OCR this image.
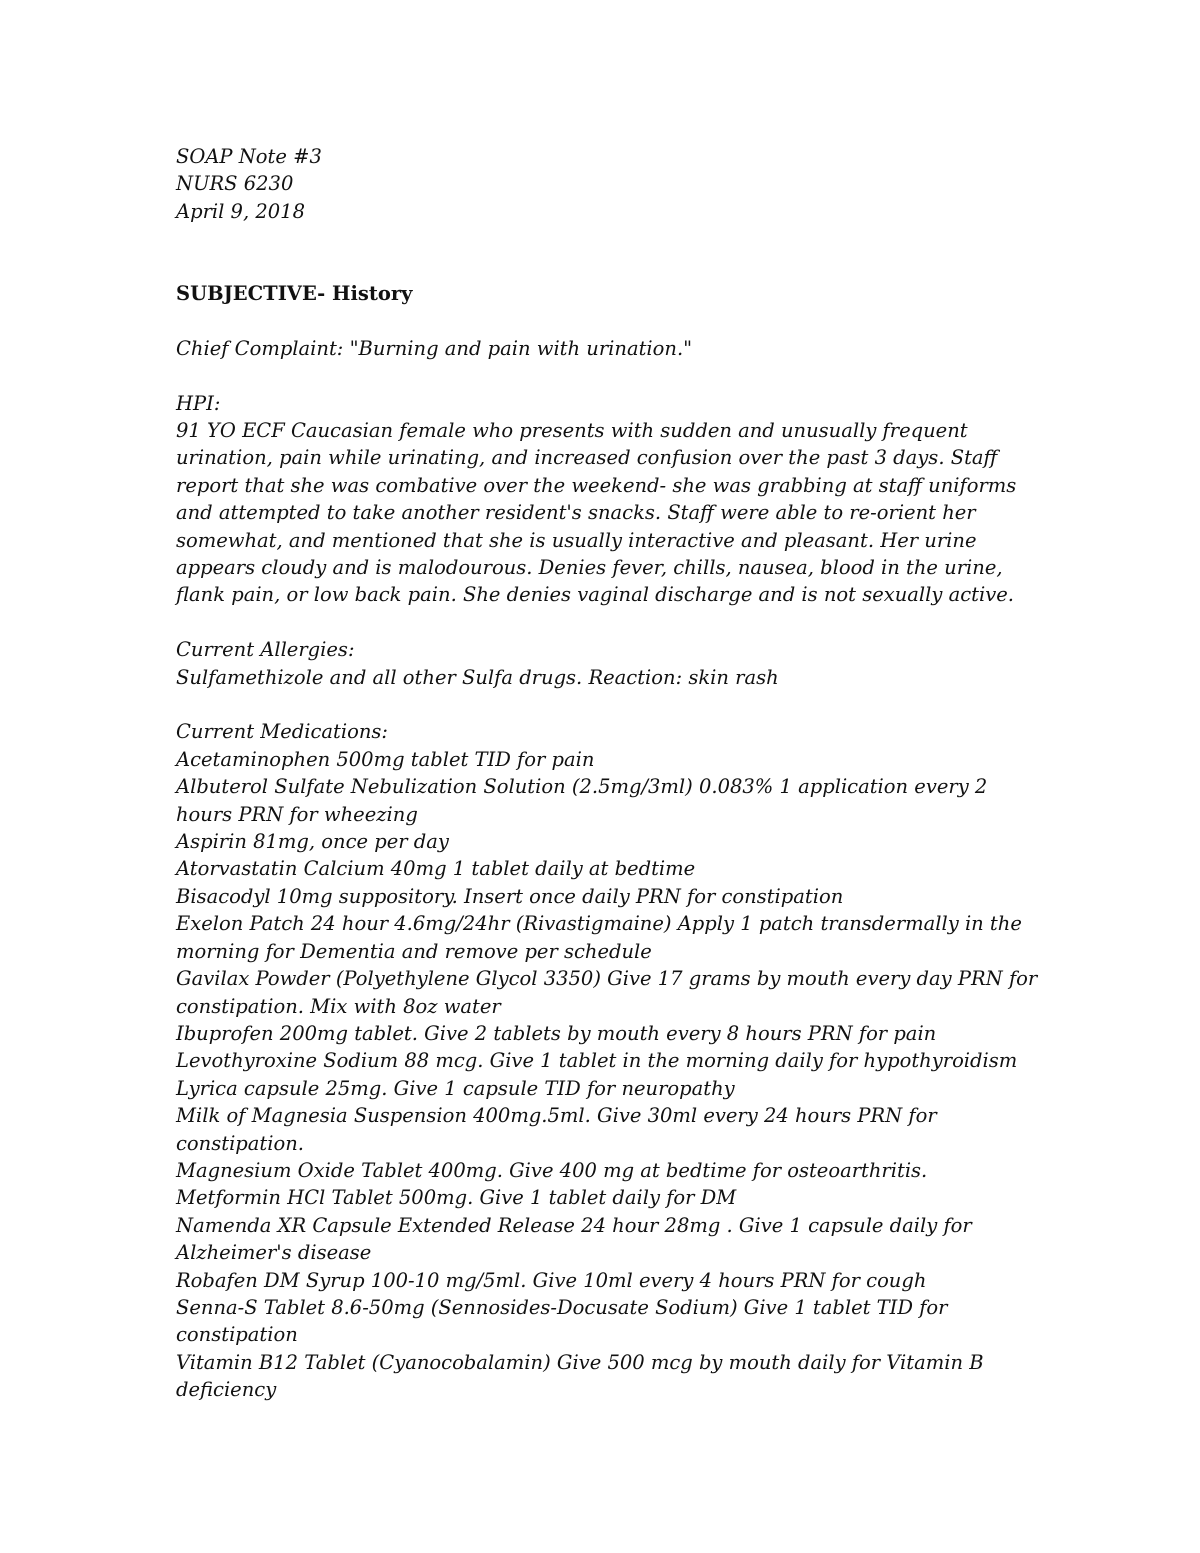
SOAP Note #3
NURS 6230
April 9, 2018
SUBJECTIVE- History
Chief Complaint: "Burning and pain with urination."
HPI:
91 YO ECF Caucasian female who presents with sudden and unusually frequent
urination, pain while urinating, and increased confusion over the past 3 days. Staff
report that she was combative over the weekend- she was grabbing at staff uniforms
and attempted to take another resident's snacks. Staff were able to re-orient her
somewhat, and mentioned that she is usually interactive and pleasant. Her urine
appears cloudy and is malodourous. Denies fever, chills, nausea, blood in the urine,
flank pain, or low back pain. She denies vaginal discharge and is not sexually active.
Current Allergies:
Sulfamethizole and all other Sulfa drugs. Reaction: skin rash
Current Medications:
Acetaminophen 500mg tablet TID for pain
Albuterol Sulfate Nebulization Solution (2.5mg/3ml) 0.083% 1 application every 2
hours PRN for wheezing
Aspirin 81mg, once per day
Atorvastatin Calcium 40mg 1 tablet daily at bedtime
Bisacodyl 10mg suppository. Insert once daily PRN for constipation
Exelon Patch 24 hour 4.6mg/24hr (Rivastigmaine) Apply 1 patch transdermally in the
morning for Dementia and remove per schedule
Gavilax Powder (Polyethylene Glycol 3350) Give 17 grams by mouth every day PRN for
constipation. Mix with 8oz water
Ibuprofen 200mg tablet. Give 2 tablets by mouth every 8 hours PRN for pain
Levothyroxine Sodium 88 mcg. Give 1 tablet in the morning daily for hypothyroidism
Lyrica capsule 25mg. Give 1 capsule TID for neuropathy
Milk of Magnesia Suspension 400mg.5ml. Give 30ml every 24 hours PRN for
constipation.
Magnesium Oxide Tablet 400mg. Give 400 mg at bedtime for osteoarthritis.
Metformin HCl Tablet 500mg. Give 1 tablet daily for DM
Namenda XR Capsule Extended Release 24 hour 28mg . Give 1 capsule daily for
Alzheimer's disease
Robafen DM Syrup 100-10 mg/5ml. Give 10ml every 4 hours PRN for cough
Senna-S Tablet 8.6-50mg (Sennosides-Docusate Sodium) Give 1 tablet TID for
constipation
Vitamin B12 Tablet (Cyanocobalamin) Give 500 mcg by mouth daily for Vitamin B
deficiency
